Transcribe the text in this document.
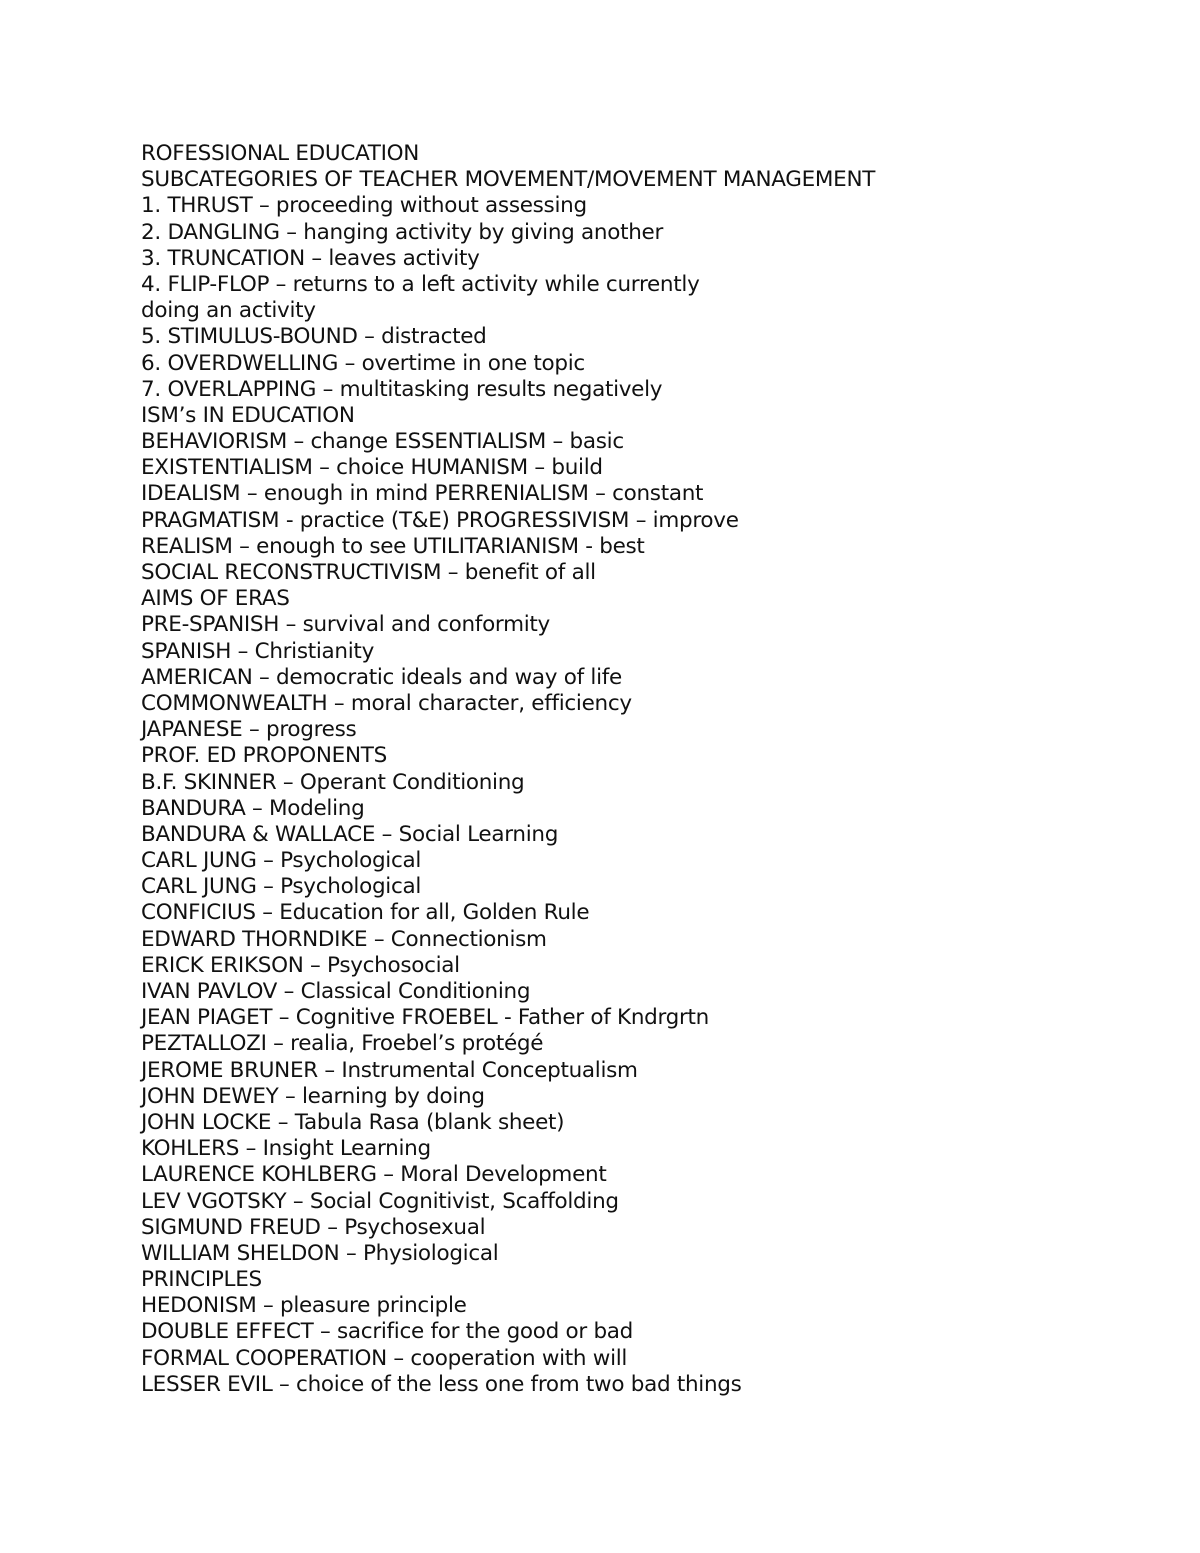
ROFESSIONAL EDUCATION
SUBCATEGORIES OF TEACHER MOVEMENT/MOVEMENT MANAGEMENT
1. THRUST – proceeding without assessing
2. DANGLING – hanging activity by giving another
3. TRUNCATION – leaves activity
4. FLIP-FLOP – returns to a left activity while currently
doing an activity
5. STIMULUS-BOUND – distracted
6. OVERDWELLING – overtime in one topic
7. OVERLAPPING – multitasking results negatively
ISM’s IN EDUCATION
BEHAVIORISM – change ESSENTIALISM – basic
EXISTENTIALISM – choice HUMANISM – build
IDEALISM – enough in mind PERRENIALISM – constant
PRAGMATISM - practice (T&E) PROGRESSIVISM – improve
REALISM – enough to see UTILITARIANISM - best
SOCIAL RECONSTRUCTIVISM – benefit of all
AIMS OF ERAS
PRE-SPANISH – survival and conformity
SPANISH – Christianity
AMERICAN – democratic ideals and way of life
COMMONWEALTH – moral character, efficiency
JAPANESE – progress
PROF. ED PROPONENTS
B.F. SKINNER – Operant Conditioning
BANDURA – Modeling
BANDURA & WALLACE – Social Learning
CARL JUNG – Psychological
CARL JUNG – Psychological
CONFICIUS – Education for all, Golden Rule
EDWARD THORNDIKE – Connectionism
ERICK ERIKSON – Psychosocial
IVAN PAVLOV – Classical Conditioning
JEAN PIAGET – Cognitive FROEBEL - Father of Kndrgrtn
PEZTALLOZI – realia, Froebel’s protégé
JEROME BRUNER – Instrumental Conceptualism
JOHN DEWEY – learning by doing
JOHN LOCKE – Tabula Rasa (blank sheet)
KOHLERS – Insight Learning
LAURENCE KOHLBERG – Moral Development
LEV VGOTSKY – Social Cognitivist, Scaffolding
SIGMUND FREUD – Psychosexual
WILLIAM SHELDON – Physiological
PRINCIPLES
HEDONISM – pleasure principle
DOUBLE EFFECT – sacrifice for the good or bad
FORMAL COOPERATION – cooperation with will
LESSER EVIL – choice of the less one from two bad things
